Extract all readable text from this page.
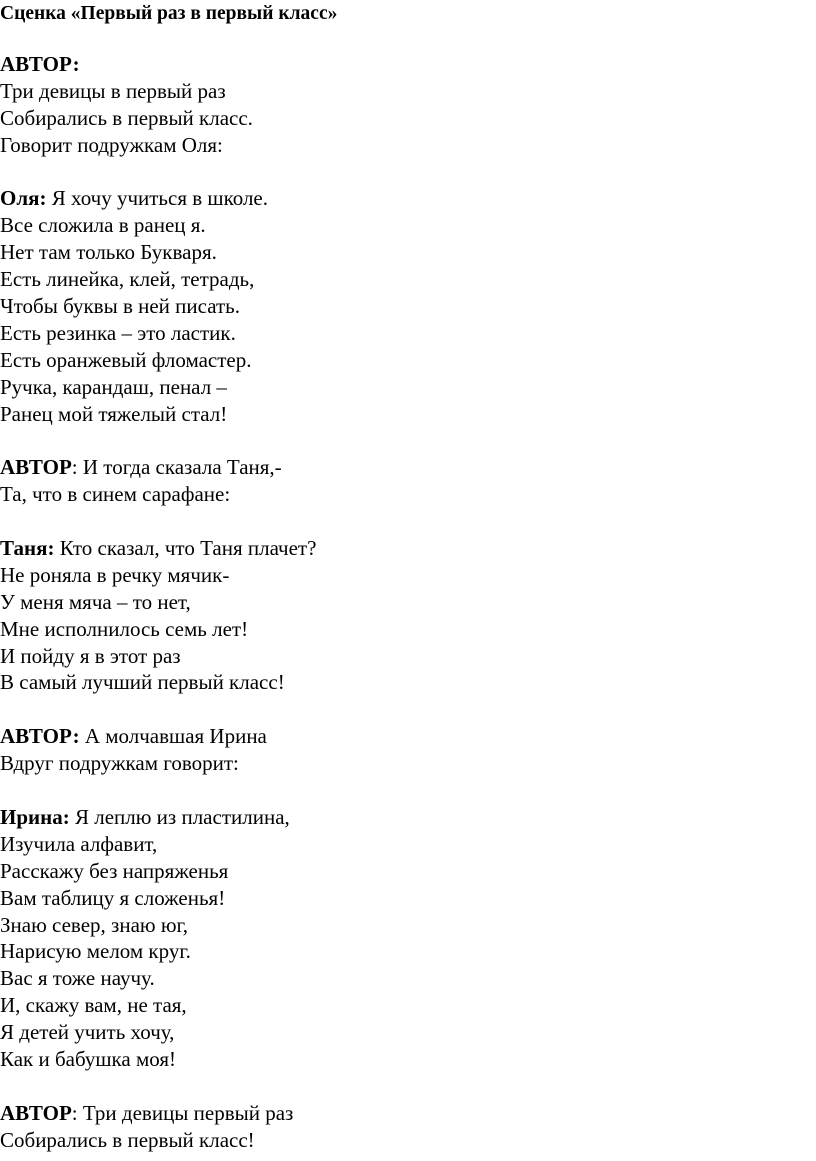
Сценка «Первый раз в первый класс»
АВТОР:
Три девицы в первый раз
Собирались в первый класс.
Говорит подружкам Оля:
Оля: Я хочу учиться в школе.
Все сложила в ранец я.
Нет там только Букваря.
Есть линейка, клей, тетрадь,
Чтобы буквы в ней писать.
Есть резинка – это ластик.
Есть оранжевый фломастер.
Ручка, карандаш, пенал –
Ранец мой тяжелый стал!
АВТОР: И тогда сказала Таня,-
Та, что в синем сарафане:
Таня: Кто сказал, что Таня плачет?
Не роняла в речку мячик-
У меня мяча – то нет,
Мне исполнилось семь лет!
И пойду я в этот раз
В самый лучший первый класс!
АВТОР: А молчавшая Ирина
Вдруг подружкам говорит:
Ирина: Я леплю из пластилина,
Изучила алфавит,
Расскажу без напряженья
Вам таблицу я сложенья!
Знаю север, знаю юг,
Нарисую мелом круг.
Вас я тоже научу.
И, скажу вам, не тая,
Я детей учить хочу,
Как и бабушка моя!
АВТОР: Три девицы первый раз
Собирались в первый класс!
